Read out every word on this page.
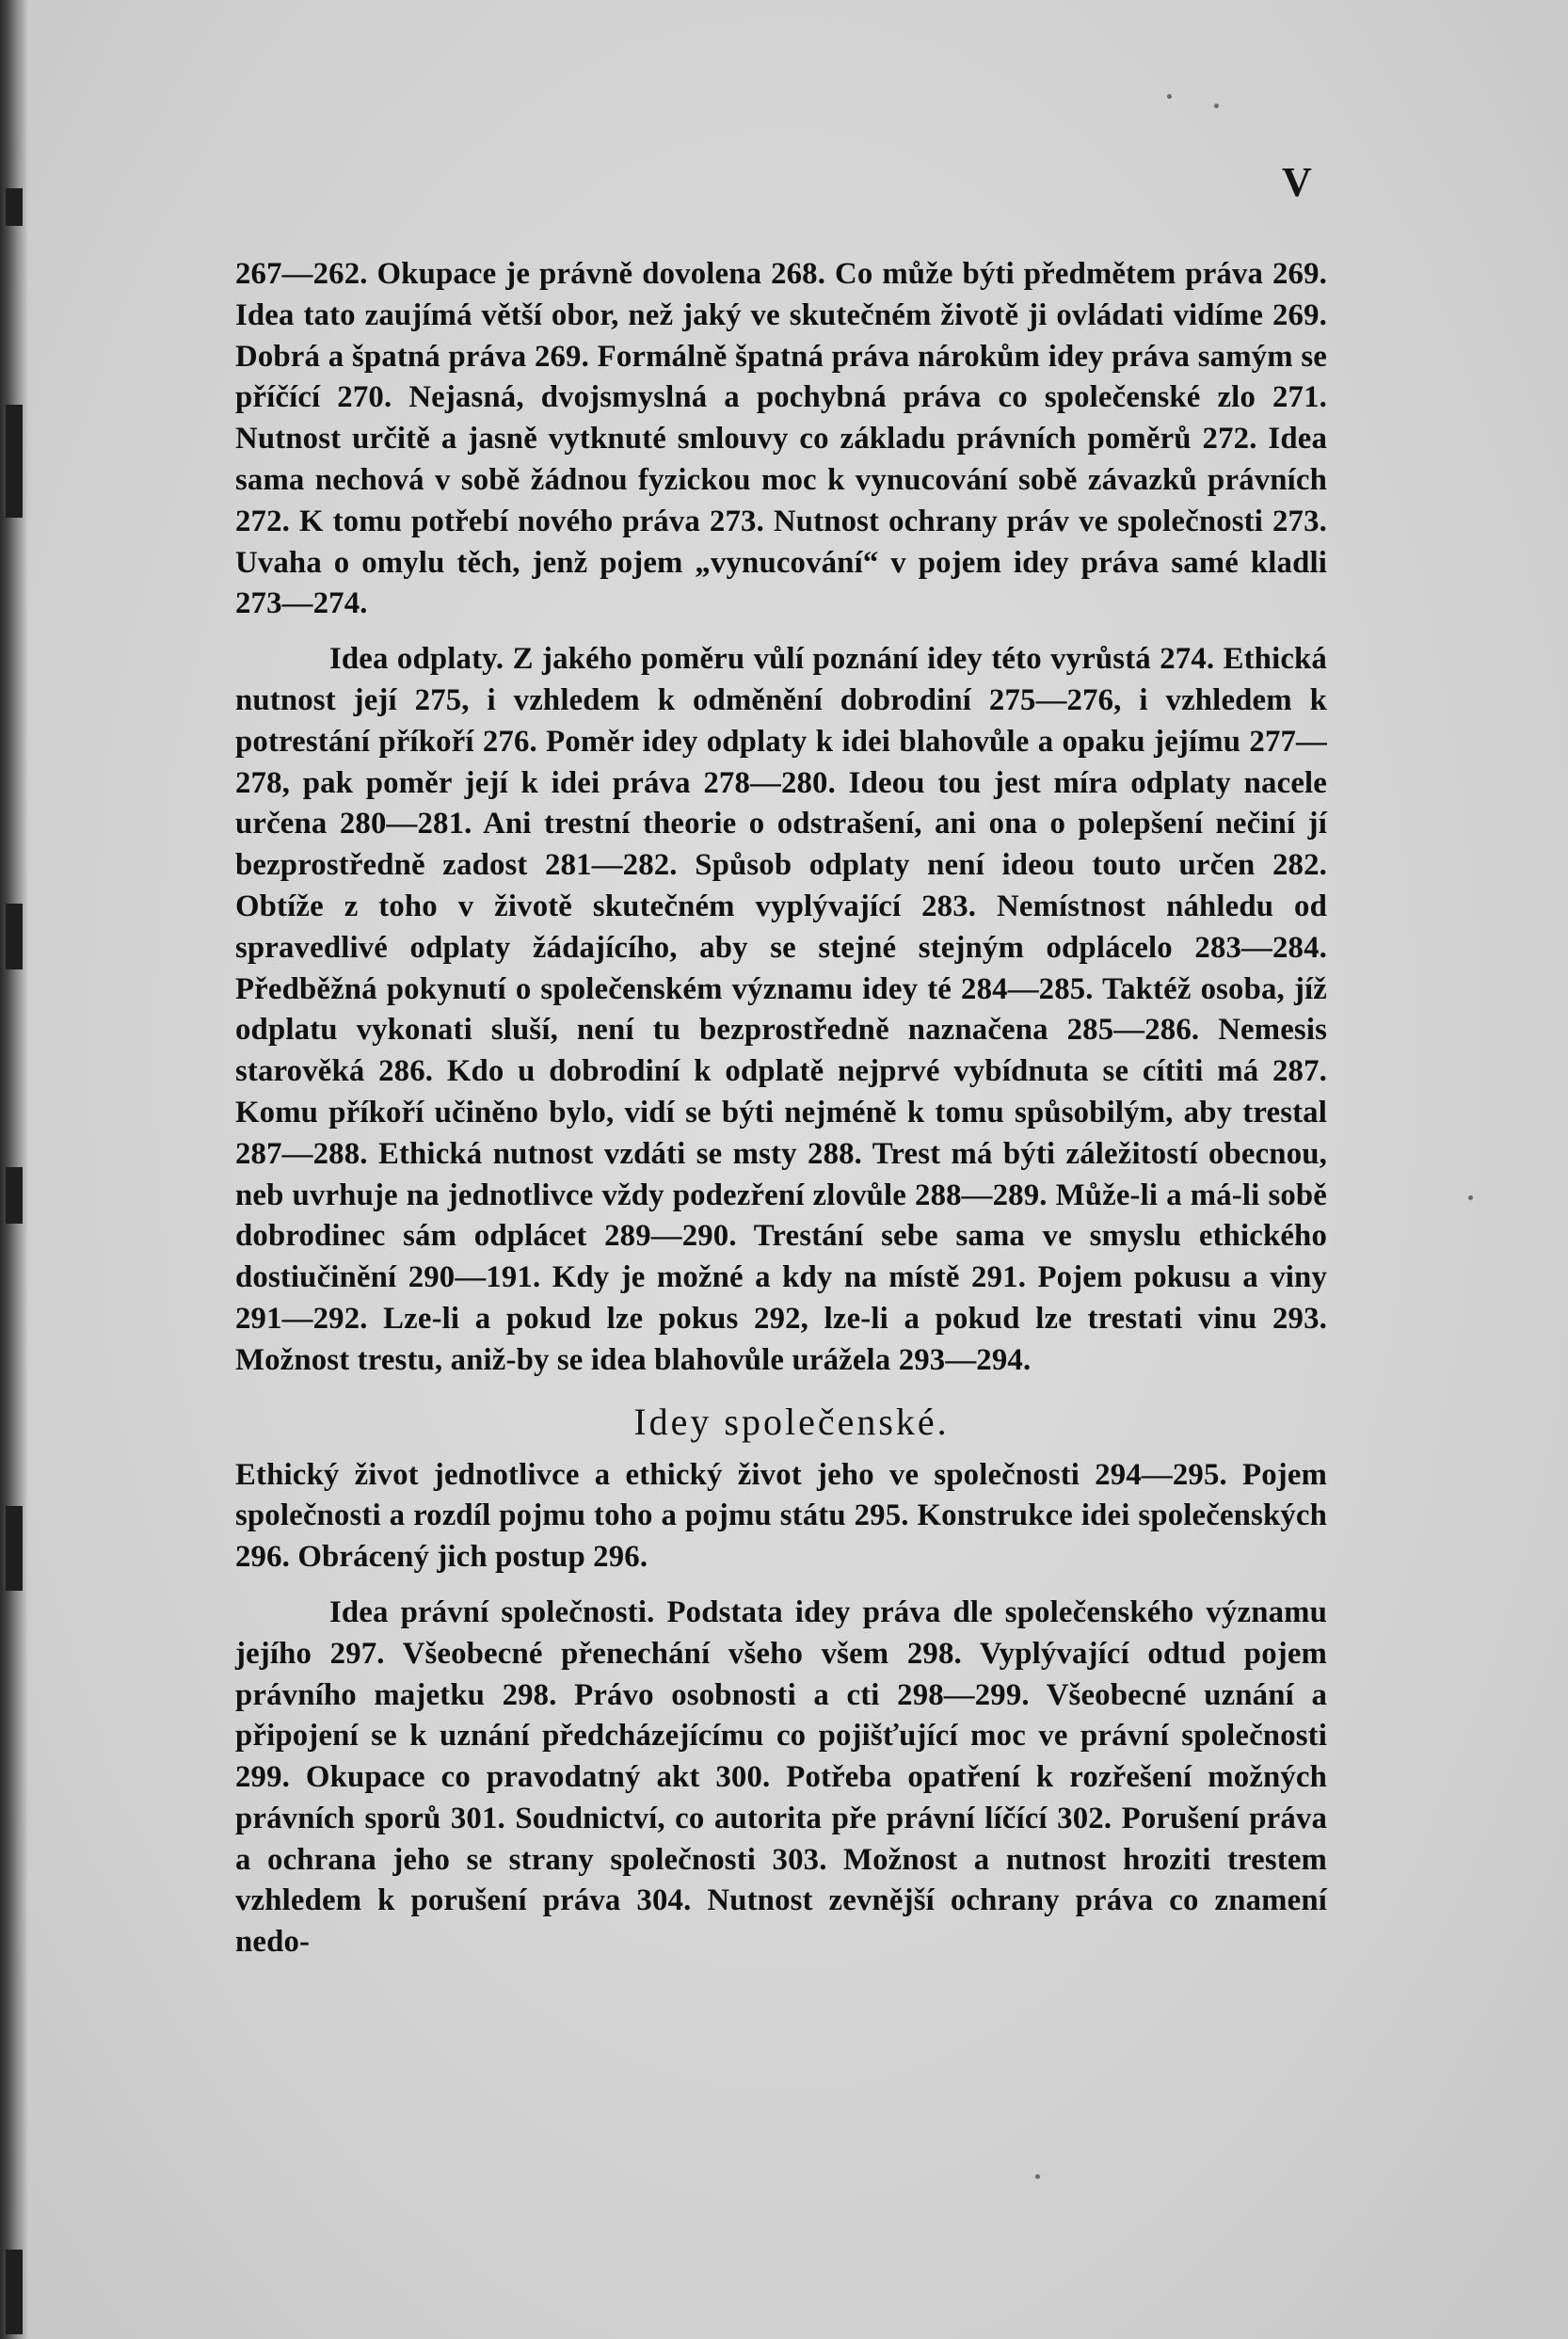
V

267—262. Okupace je právně dovolena 268. Co může býti předmětem práva 269. Idea tato zaujímá větší obor, než jaký ve skutečném životě ji ovládati vidíme 269. Dobrá a špatná práva 269. Formálně špatná práva nárokům idey práva samým se příčící 270. Nejasná, dvojsmyslná a pochybná práva co společenské zlo 271. Nutnost určitě a jasně vytknuté smlouvy co základu právních poměrů 272. Idea sama nechová v sobě žádnou fyzickou moc k vynucování sobě závazků právních 272. K tomu potřebí nového práva 273. Nutnost ochrany práv ve společnosti 273. Uvaha o omylu těch, jenž pojem „vynucování“ v pojem idey práva samé kladli 273—274.

Idea odplaty. Z jakého poměru vůlí poznání idey této vyrůstá 274. Ethická nutnost její 275, i vzhledem k odměnění dobrodiní 275—276, i vzhledem k potrestání příkoří 276. Poměr idey odplaty k idei blahovůle a opaku jejímu 277—278, pak poměr její k idei práva 278—280. Ideou tou jest míra odplaty nacele určena 280—281. Ani trestní theorie o odstrašení, ani ona o polepšení nečiní jí bezprostředně zadost 281—282. Spůsob odplaty není ideou touto určen 282. Obtíže z toho v životě skutečném vyplývající 283. Nemístnost náhledu od spravedlivé odplaty žádajícího, aby se stejné stejným odplácelo 283—284. Předběžná pokynutí o společenském významu idey té 284—285. Taktéž osoba, jíž odplatu vykonati sluší, není tu bezprostředně naznačena 285—286. Nemesis starověká 286. Kdo u dobrodiní k odplatě nejprvé vybídnuta se cítiti má 287. Komu příkoří učiněno bylo, vidí se býti nejméně k tomu spůsobilým, aby trestal 287—288. Ethická nutnost vzdáti se msty 288. Trest má býti záležitostí obecnou, neb uvrhuje na jednotlivce vždy podezření zlovůle 288—289. Může-li a má-li sobě dobrodinec sám odplácet 289—290. Trestání sebe sama ve smyslu ethického dostiučinění 290—191. Kdy je možné a kdy na místě 291. Pojem pokusu a viny 291—292. Lze-li a pokud lze pokus 292, lze-li a pokud lze trestati vinu 293. Možnost trestu, aniž-by se idea blahovůle urážela 293—294.

Idey společenské.

Ethický život jednotlivce a ethický život jeho ve společnosti 294—295. Pojem společnosti a rozdíl pojmu toho a pojmu státu 295. Konstrukce idei společenských 296. Obrácený jich postup 296.

Idea právní společnosti. Podstata idey práva dle společenského významu jejího 297. Všeobecné přenechání všeho všem 298. Vyplývající odtud pojem právního majetku 298. Právo osobnosti a cti 298—299. Všeobecné uznání a připojení se k uznání předcházejícímu co pojišťující moc ve právní společnosti 299. Okupace co pravodatný akt 300. Potřeba opatření k rozřešení možných právních sporů 301. Soudnictví, co autorita pře právní líčící 302. Porušení práva a ochrana jeho se strany společnosti 303. Možnost a nutnost hroziti trestem vzhledem k porušení práva 304. Nutnost zevnější ochrany práva co znamení nedo-
